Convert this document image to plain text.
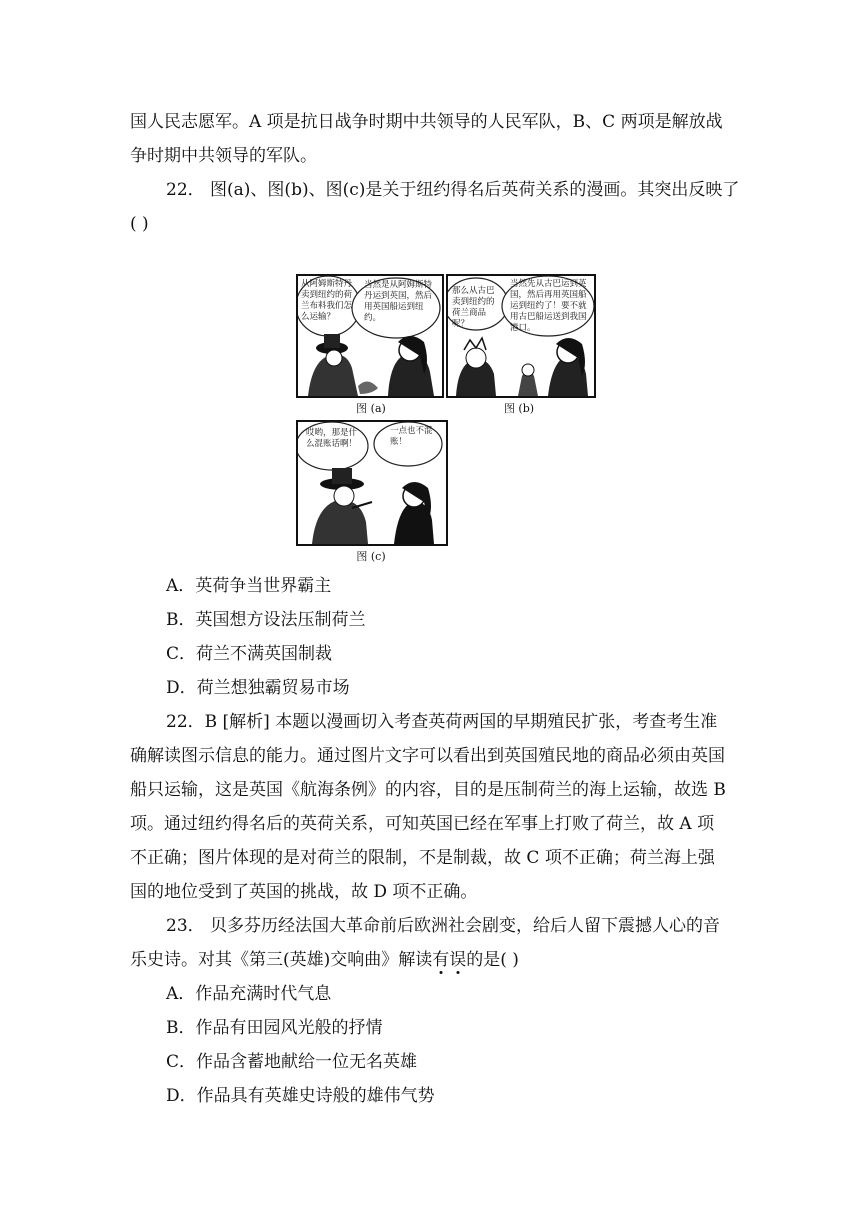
国人民志愿军。A 项是抗日战争时期中共领导的人民军队，B、C 两项是解放战
争时期中共领导的军队。
22． 图(a)、图(b)、图(c)是关于纽约得名后英荷关系的漫画。其突出反映了
( )
从阿姆斯特丹卖到纽约的荷兰布料我们怎么运输？
当然是从阿姆斯特丹运到英国，然后用英国船运到纽约。
图 (a)
那么从古巴卖到纽约的荷兰商品呢？
当然先从古巴运到英国，然后再用英国船运到纽约了！要不就用古巴船运送到我国港口。
图 (b)
哎哟，那是什么混账话啊！
一点也不混账！
图 (c)
A．英荷争当世界霸主
B．英国想方设法压制荷兰
C．荷兰不满英国制裁
D．荷兰想独霸贸易市场
22．B [解析] 本题以漫画切入考查英荷两国的早期殖民扩张，考查考生准
确解读图示信息的能力。通过图片文字可以看出到英国殖民地的商品必须由英国
船只运输，这是英国《航海条例》的内容，目的是压制荷兰的海上运输，故选 B
项。通过纽约得名后的英荷关系，可知英国已经在军事上打败了荷兰，故 A 项
不正确；图片体现的是对荷兰的限制，不是制裁，故 C 项不正确；荷兰海上强
国的地位受到了英国的挑战，故 D 项不正确。
23． 贝多芬历经法国大革命前后欧洲社会剧变，给后人留下震撼人心的音
乐史诗。对其《第三(英雄)交响曲》解读有误的是( )
A．作品充满时代气息
B．作品有田园风光般的抒情
C．作品含蓄地献给一位无名英雄
D．作品具有英雄史诗般的雄伟气势
